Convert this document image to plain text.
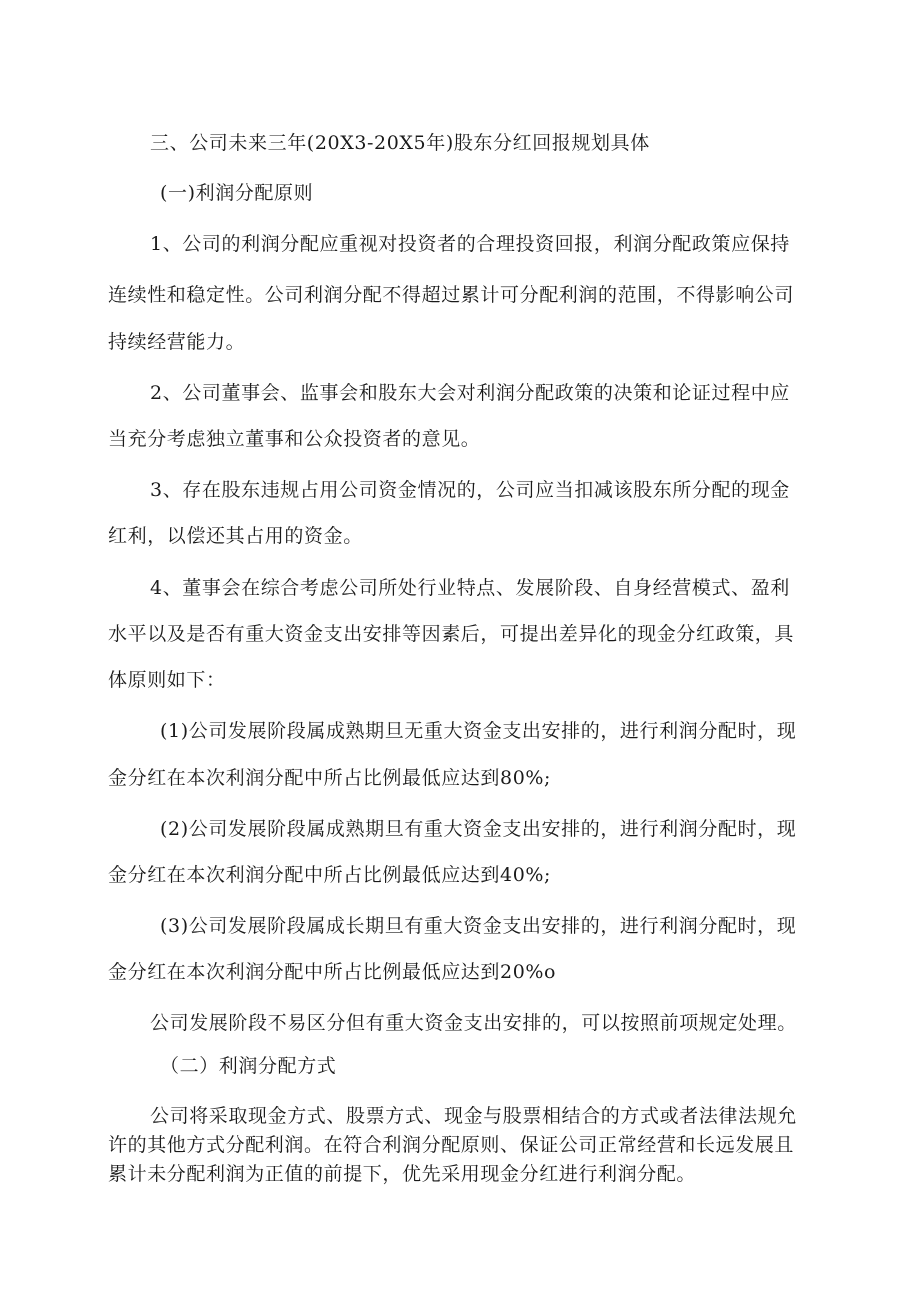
三、公司未来三年(20X3-20X5年)股东分红回报规划具体
(一)利润分配原则
1、公司的利润分配应重视对投资者的合理投资回报，利润分配政策应保持
连续性和稳定性。公司利润分配不得超过累计可分配利润的范围，不得影响公司
持续经营能力。
2、公司董事会、监事会和股东大会对利润分配政策的决策和论证过程中应
当充分考虑独立董事和公众投资者的意见。
3、存在股东违规占用公司资金情况的，公司应当扣减该股东所分配的现金
红利，以偿还其占用的资金。
4、董事会在综合考虑公司所处行业特点、发展阶段、自身经营模式、盈利
水平以及是否有重大资金支出安排等因素后，可提出差异化的现金分红政策，具
体原则如下：
(1)公司发展阶段属成熟期旦无重大资金支出安排的，进行利润分配时，现
金分红在本次利润分配中所占比例最低应达到80%;
(2)公司发展阶段属成熟期旦有重大资金支出安排的，进行利润分配时，现
金分红在本次利润分配中所占比例最低应达到40%;
(3)公司发展阶段属成长期旦有重大资金支出安排的，进行利润分配时，现
金分红在本次利润分配中所占比例最低应达到20%o
公司发展阶段不易区分但有重大资金支出安排的，可以按照前项规定处理。
（二）利润分配方式
公司将采取现金方式、股票方式、现金与股票相结合的方式或者法律法规允
许的其他方式分配利润。在符合利润分配原则、保证公司正常经营和长远发展且
累计未分配利润为正值的前提下，优先采用现金分红进行利润分配。
